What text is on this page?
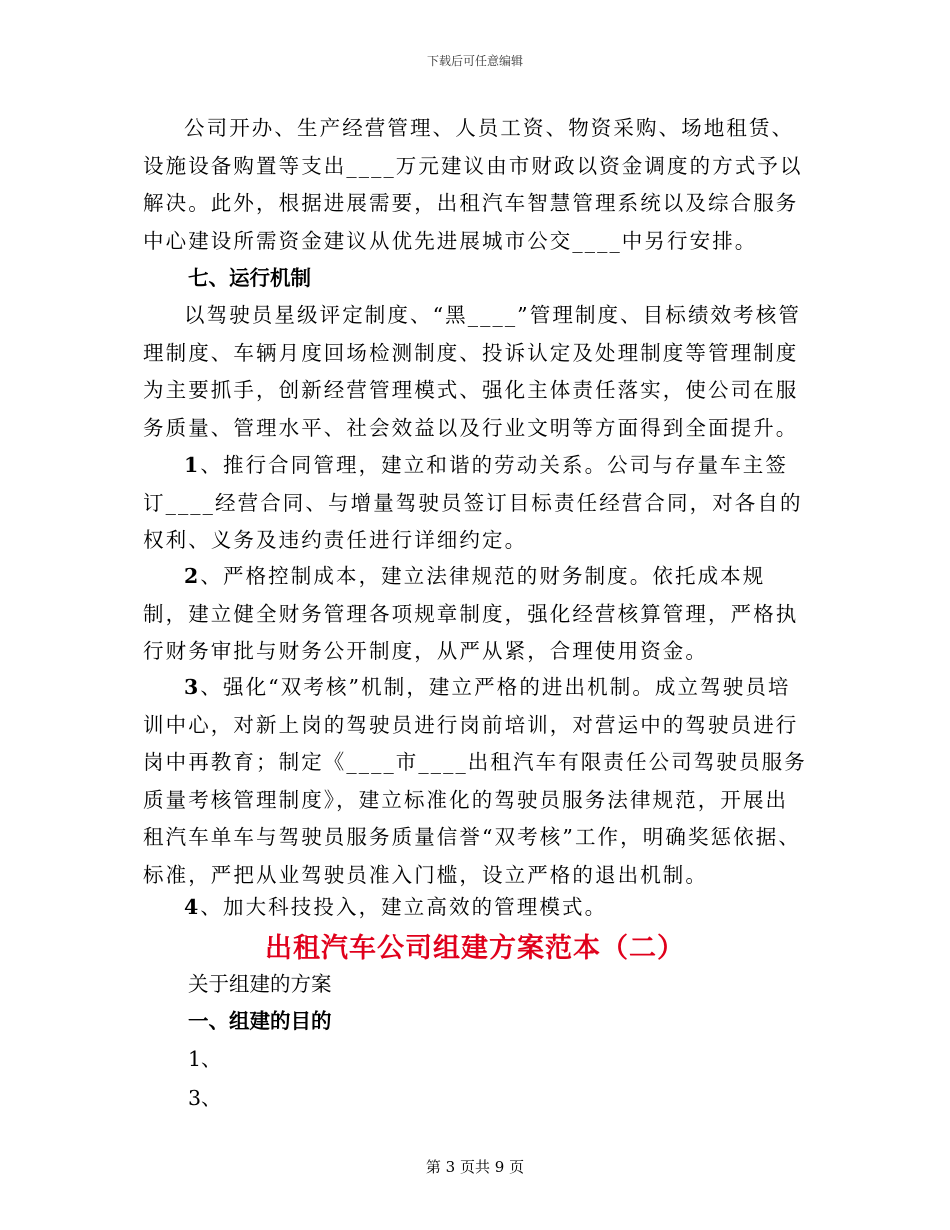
下载后可任意编辑

公司开办、生产经营管理、人员工资、物资采购、场地租赁、设施设备购置等支出____万元建议由市财政以资金调度的方式予以解决。此外，根据进展需要，出租汽车智慧管理系统以及综合服务中心建设所需资金建议从优先进展城市公交____中另行安排。

七、运行机制

以驾驶员星级评定制度、“黑____”管理制度、目标绩效考核管理制度、车辆月度回场检测制度、投诉认定及处理制度等管理制度为主要抓手，创新经营管理模式、强化主体责任落实，使公司在服务质量、管理水平、社会效益以及行业文明等方面得到全面提升。

1、推行合同管理，建立和谐的劳动关系。公司与存量车主签订____经营合同、与增量驾驶员签订目标责任经营合同，对各自的权利、义务及违约责任进行详细约定。

2、严格控制成本，建立法律规范的财务制度。依托成本规制，建立健全财务管理各项规章制度，强化经营核算管理，严格执行财务审批与财务公开制度，从严从紧，合理使用资金。

3、强化“双考核”机制，建立严格的进出机制。成立驾驶员培训中心，对新上岗的驾驶员进行岗前培训，对营运中的驾驶员进行岗中再教育；制定《____市____出租汽车有限责任公司驾驶员服务质量考核管理制度》，建立标准化的驾驶员服务法律规范，开展出租汽车单车与驾驶员服务质量信誉“双考核”工作，明确奖惩依据、标准，严把从业驾驶员准入门槛，设立严格的退出机制。

4、加大科技投入，建立高效的管理模式。

出租汽车公司组建方案范本（二）

关于组建的方案

一、组建的目的

1、

3、

第 3 页共 9 页
